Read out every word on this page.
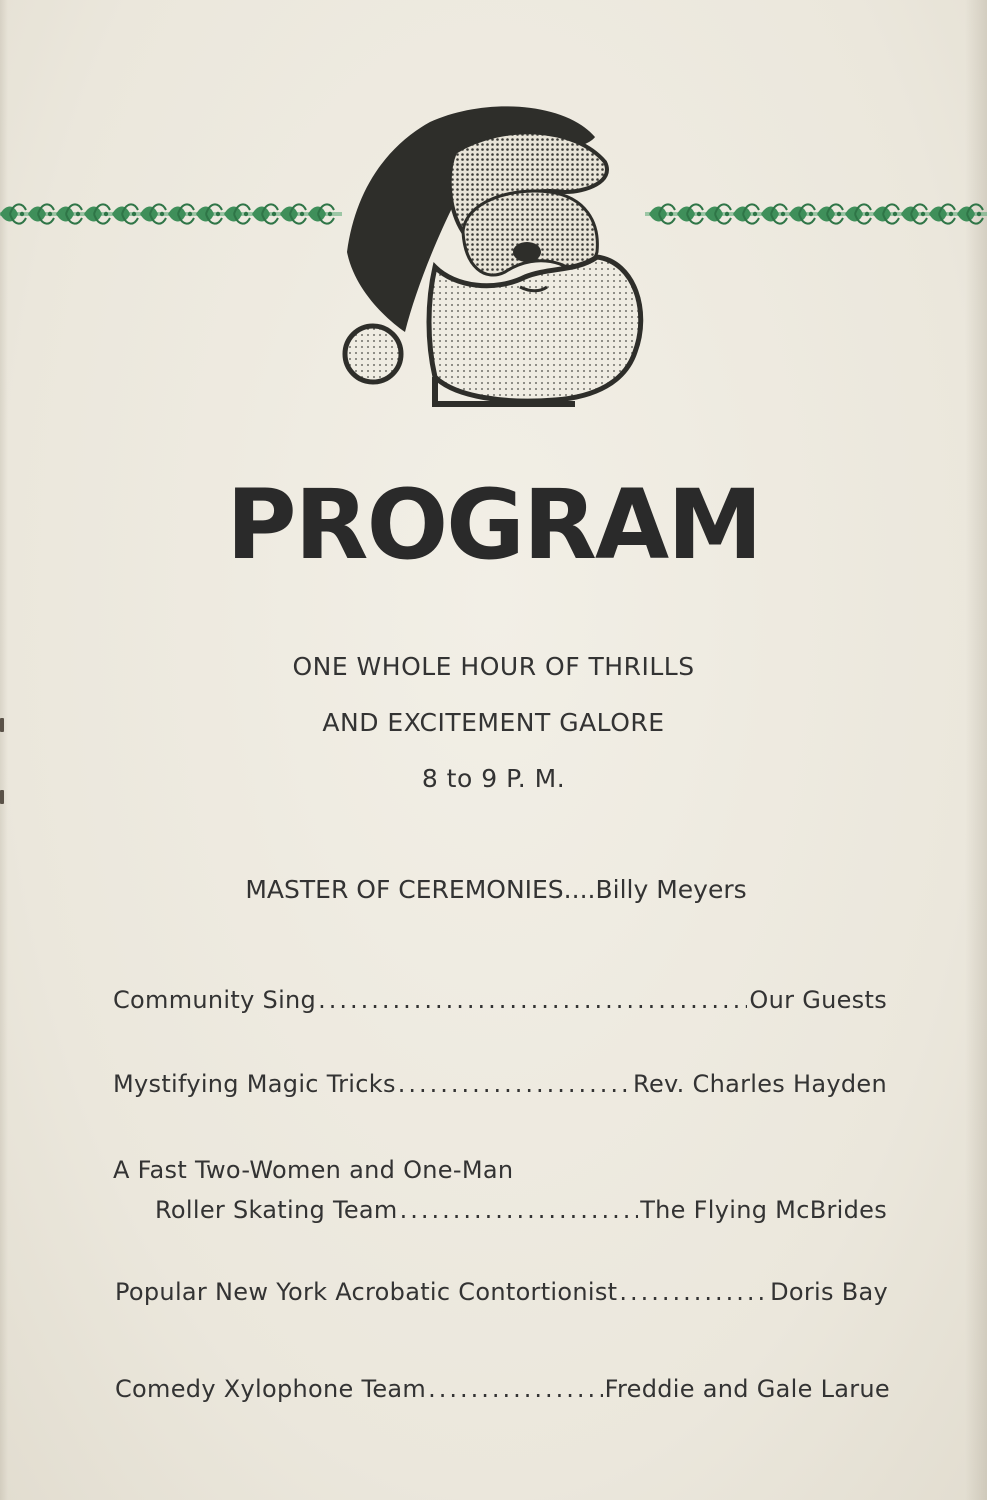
PROGRAM
ONE WHOLE HOUR OF THRILLS
AND EXCITEMENT GALORE
8 to 9 P. M.
MASTER OF CEREMONIES....Billy Meyers
Community Sing .....	Our Guests
Mystifying Magic Tricks .....	Rev. Charles Hayden
A Fast Two-Women and One-Man
Roller Skating Team .....	The Flying McBrides
Popular New York Acrobatic Contortionist .....	Doris Bay
Comedy Xylophone Team .....	Freddie and Gale Larue
